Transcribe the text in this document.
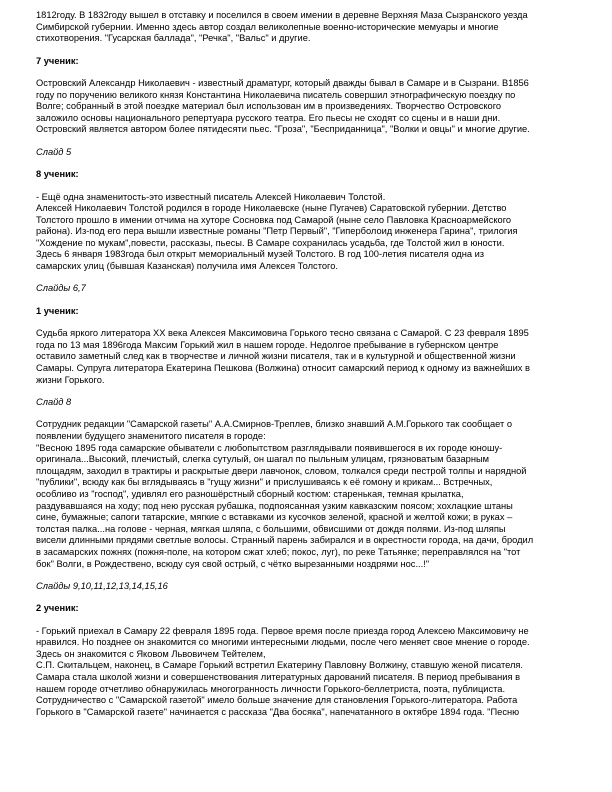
1812году. В 1832году вышел в отставку и поселился в своем имении в деревне Верхняя Маза Сызранского уезда
Симбирской губернии. Именно здесь автор создал великолепные военно-исторические мемуары и многие
стихотворения. "Гусарская баллада", "Речка", "Вальс" и другие.
7 ученик:
Островский Александр Николаевич - известный драматург, который дважды бывал в Самаре и в Сызрани. В1856
году по поручению великого князя Константина Николаевича писатель совершил этнографическую поездку по
Волге; собранный в этой поездке материал был использован им в произведениях. Творчество Островского
заложило основы национального репертуара русского театра. Его пьесы не сходят со сцены и в наши дни.
Островский является автором более пятидесяти пьес. "Гроза", "Бесприданница", "Волки и овцы" и многие другие.
Слайд 5
8 ученик:
- Ещё одна знаменитость-это известный писатель Алексей Николаевич Толстой.
Алексей Николаевич Толстой родился в городе Николаевске (ныне Пугачев) Саратовской губернии. Детство
Толстого прошло в имении отчима на хуторе Сосновка под Самарой (ныне село Павловка Красноармейского
района). Из-под его пера вышли известные романы "Петр Первый", "Гиперболоид инженера Гарина", трилогия
"Хождение по мукам",повести, рассказы, пьесы. В Самаре сохранилась усадьба, где Толстой жил в юности.
Здесь 6 января 1983года был открыт мемориальный музей Толстого. В год 100-летия писателя одна из
самарских улиц (бывшая Казанская) получила имя Алексея Толстого.
Слайды 6,7
1 ученик:
Судьба яркого литератора XX века Алексея Максимовича Горького тесно связана с Самарой. С 23 февраля 1895
года по 13 мая 1896года Максим Горький жил в нашем городе. Недолгое пребывание в губернском центре
оставило заметный след как в творчестве и личной жизни писателя, так и в культурной и общественной жизни
Самары. Супруга литератора Екатерина Пешкова (Волжина) относит самарский период к одному из важнейших в
жизни Горького.
Слайд 8
Сотрудник редакции "Самарской газеты" А.А.Смирнов-Треплев, близко знавший А.М.Горького так сообщает о
появлении будущего знаменитого писателя в городе:
"Весною 1895 года самарские обыватели с любопытством разглядывали появившегося в их городе юношу-
оригинала...Высокий, плечистый, слегка сутулый, он шагал по пыльным улицам, грязноватым базарным
площадям, заходил в трактиры и раскрытые двери лавчонок, словом, толкался среди пестрой толпы и нарядной
"публики", всюду как бы вглядываясь в "гущу жизни" и прислушиваясь к её гомону и крикам... Встречных,
особливо из "господ", удивлял его разношёрстный сборный костюм: старенькая, темная крылатка,
раздувавшаяся на ходу; под нею русская рубашка, подпоясанная узким кавказским поясом; хохлацкие штаны
сине, бумажные; сапоги татарские, мягкие с вставками из кусочков зеленой, красной и желтой кожи; в руках –
толстая палка...на голове - черная, мягкая шляпа, с большими, обвисшими от дождя полями. Из-под шляпы
висели длинными прядями светлые волосы. Странный парень забирался и в окрестности города, на дачи, бродил
в засамарских пожнях (пожня-поле, на котором сжат хлеб; покос, луг), по реке Татьянке; переправлялся на "тот
бок" Волги, в Рождествено, всюду суя свой острый, с чётко вырезанными ноздрями нос...!"
Слайды 9,10,11,12,13,14,15,16
2 ученик:
- Горький приехал в Самару 22 февраля 1895 года. Первое время после приезда город Алексею Максимовичу не
нравился. Но позднее он знакомится со многими интересными людьми, после чего меняет свое мнение о городе.
Здесь он знакомится с Яковом Львовичем Тейтелем,
С.П. Скитальцем, наконец, в Самаре Горький встретил Екатерину Павловну Волжину, ставшую женой писателя.
Самара стала школой жизни и совершенствования литературных дарований писателя. В период пребывания в
нашем городе отчетливо обнаружилась многогранность личности Горького-беллетриста, поэта, публициста.
Сотрудничество с "Самарской газетой" имело больше значение для становления Горького-литератора. Работа
Горького в "Самарской газете" начинается с рассказа "Два босяка", напечатанного в октябре 1894 года. "Песню
